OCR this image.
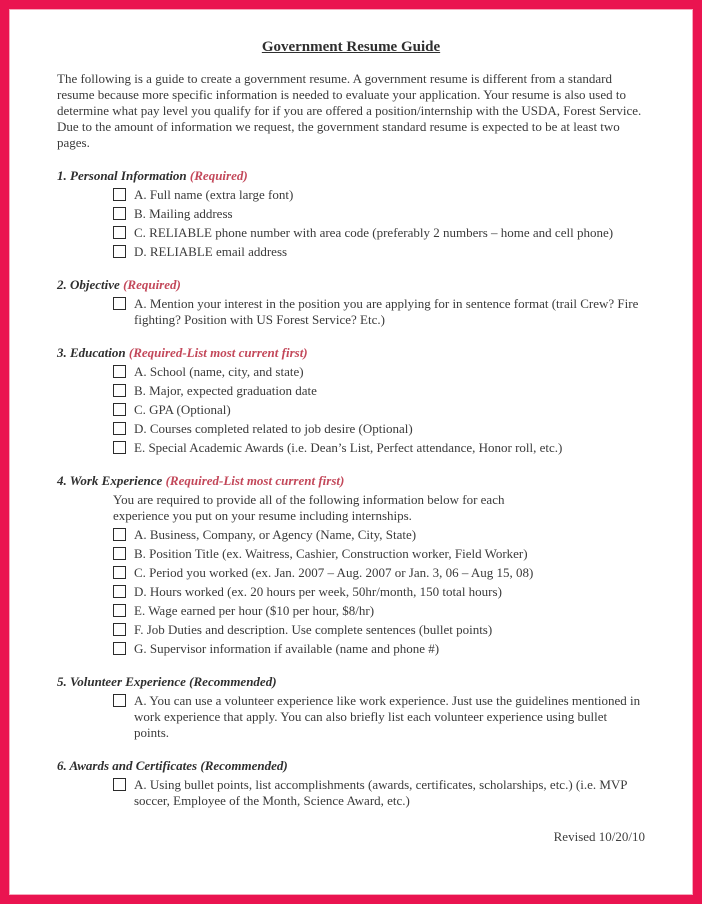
Government Resume Guide

The following is a guide to create a government resume. A government resume is different from a standard resume because more specific information is needed to evaluate your application. Your resume is also used to determine what pay level you qualify for if you are offered a position/internship with the USDA, Forest Service. Due to the amount of information we request, the government standard resume is expected to be at least two pages.

1. Personal Information (Required)
A. Full name (extra large font)
B. Mailing address
C. RELIABLE phone number with area code (preferably 2 numbers – home and cell phone)
D. RELIABLE email address
2. Objective (Required)
A. Mention your interest in the position you are applying for in sentence format (trail Crew? Fire fighting? Position with US Forest Service? Etc.)
3. Education (Required-List most current first)
A. School (name, city, and state)
B. Major, expected graduation date
C. GPA (Optional)
D. Courses completed related to job desire (Optional)
E. Special Academic Awards (i.e. Dean’s List, Perfect attendance, Honor roll, etc.)
4. Work Experience (Required-List most current first)

You are required to provide all of the following information below for each experience you put on your resume including internships.

A. Business, Company, or Agency (Name, City, State)
B. Position Title (ex. Waitress, Cashier, Construction worker, Field Worker)
C. Period you worked (ex. Jan. 2007 – Aug. 2007 or Jan. 3, 06 – Aug 15, 08)
D. Hours worked (ex. 20 hours per week, 50hr/month, 150 total hours)
E. Wage earned per hour ($10 per hour, $8/hr)
F. Job Duties and description. Use complete sentences (bullet points)
G. Supervisor information if available (name and phone #)
5. Volunteer Experience (Recommended)
A. You can use a volunteer experience like work experience. Just use the guidelines mentioned in work experience that apply. You can also briefly list each volunteer experience using bullet points.
6. Awards and Certificates (Recommended)
A. Using bullet points, list accomplishments (awards, certificates, scholarships, etc.) (i.e. MVP soccer, Employee of the Month, Science Award, etc.)
Revised 10/20/10
